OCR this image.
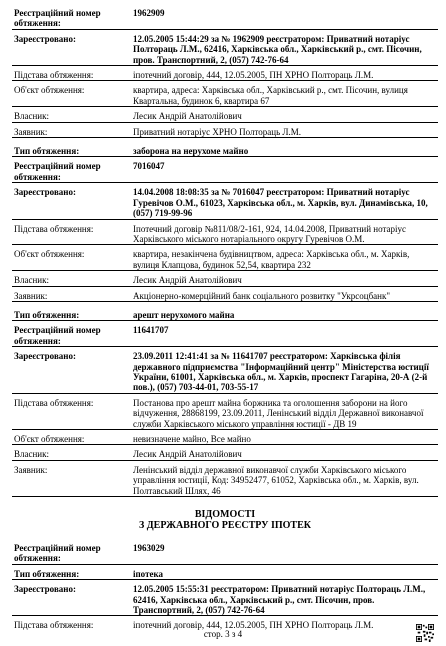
Реєстраційний номер обтяження:
1962909
Зареєстровано:	12.05.2005 15:44:29 за № 1962909 реєстратором: Приватний нотаріус Полтораць Л.М., 62416, Харківська обл., Харківський р., смт. Пісочин, пров. Транспортний, 2, (057) 742-76-64
Підстава обтяження:	іпотечний договір, 444, 12.05.2005, ПН ХРНО Полтораць Л.М.
Об'єкт обтяження:	квартира, адреса: Харківська обл., Харківський р., смт. Пісочин, вулиця Квартальна, будинок 6, квартира 67
Власник:	Лесик Андрій Анатолійович
Заявник:	Приватний нотаріус ХРНО Полтораць Л.М.
Тип обтяження:	заборона на нерухоме майно
Реєстраційний номер обтяження:
7016047
Зареєстровано:	14.04.2008 18:08:35 за № 7016047 реєстратором: Приватний нотаріус Гуревічов О.М., 61023, Харківська обл., м. Харків, вул. Динамівська, 10, (057) 719-99-96
Підстава обтяження:	Іпотечний договір №811/08/2-161, 924, 14.04.2008, Приватний нотаріус Харківського міського нотаріального округу Гуревічов О.М.
Об'єкт обтяження:	квартира, незакінчена будівництвом, адреса: Харківська обл., м. Харків, вулиця Клапцова, будинок 52,54, квартира 232
Власник:	Лесик Андрій Анатолійович
Заявник:	Акціонерно-комерційний банк соціального розвитку "Укрсоцбанк"
Тип обтяження:	арешт нерухомого майна
Реєстраційний номер обтяження:
11641707
Зареєстровано:	23.09.2011 12:41:41 за № 11641707 реєстратором: Харківська філія державного підприємства "Інформаційний центр" Міністерства юстиції України, 61001, Харківська обл., м. Харків, проспект Гагаріна, 20-А (2-й пов.), (057) 703-44-01, 703-55-17
Підстава обтяження:	Постанова про арешт майна боржника та оголошення заборони на його відчуження, 28868199, 23.09.2011, Ленінський відділ Державної виконавчої служби Харківського міського управління юстиції - ДВ 19
Об'єкт обтяження:	невизначене майно, Все майно
Власник:	Лесик Андрій Анатолійович
Заявник:	Ленінський відділ державної виконавчої служби Харківського міського управління юстиції, Код: 34952477, 61052, Харківська обл., м. Харків, вул. Полтавський Шлях, 46
ВІДОМОСТІ
З ДЕРЖАВНОГО РЕЄСТРУ ІПОТЕК
Реєстраційний номер обтяження:
1963029
Тип обтяження:	іпотека
Зареєстровано:	12.05.2005 15:55:31 реєстратором: Приватний нотаріус Полтораць Л.М., 62416, Харківська обл., Харківський р., смт. Пісочин, пров. Транспортний, 2, (057) 742-76-64
Підстава обтяження:	іпотечний договір, 444, 12.05.2005, ПН ХРНО Полтораць Л.М.
стор. 3 з 4
